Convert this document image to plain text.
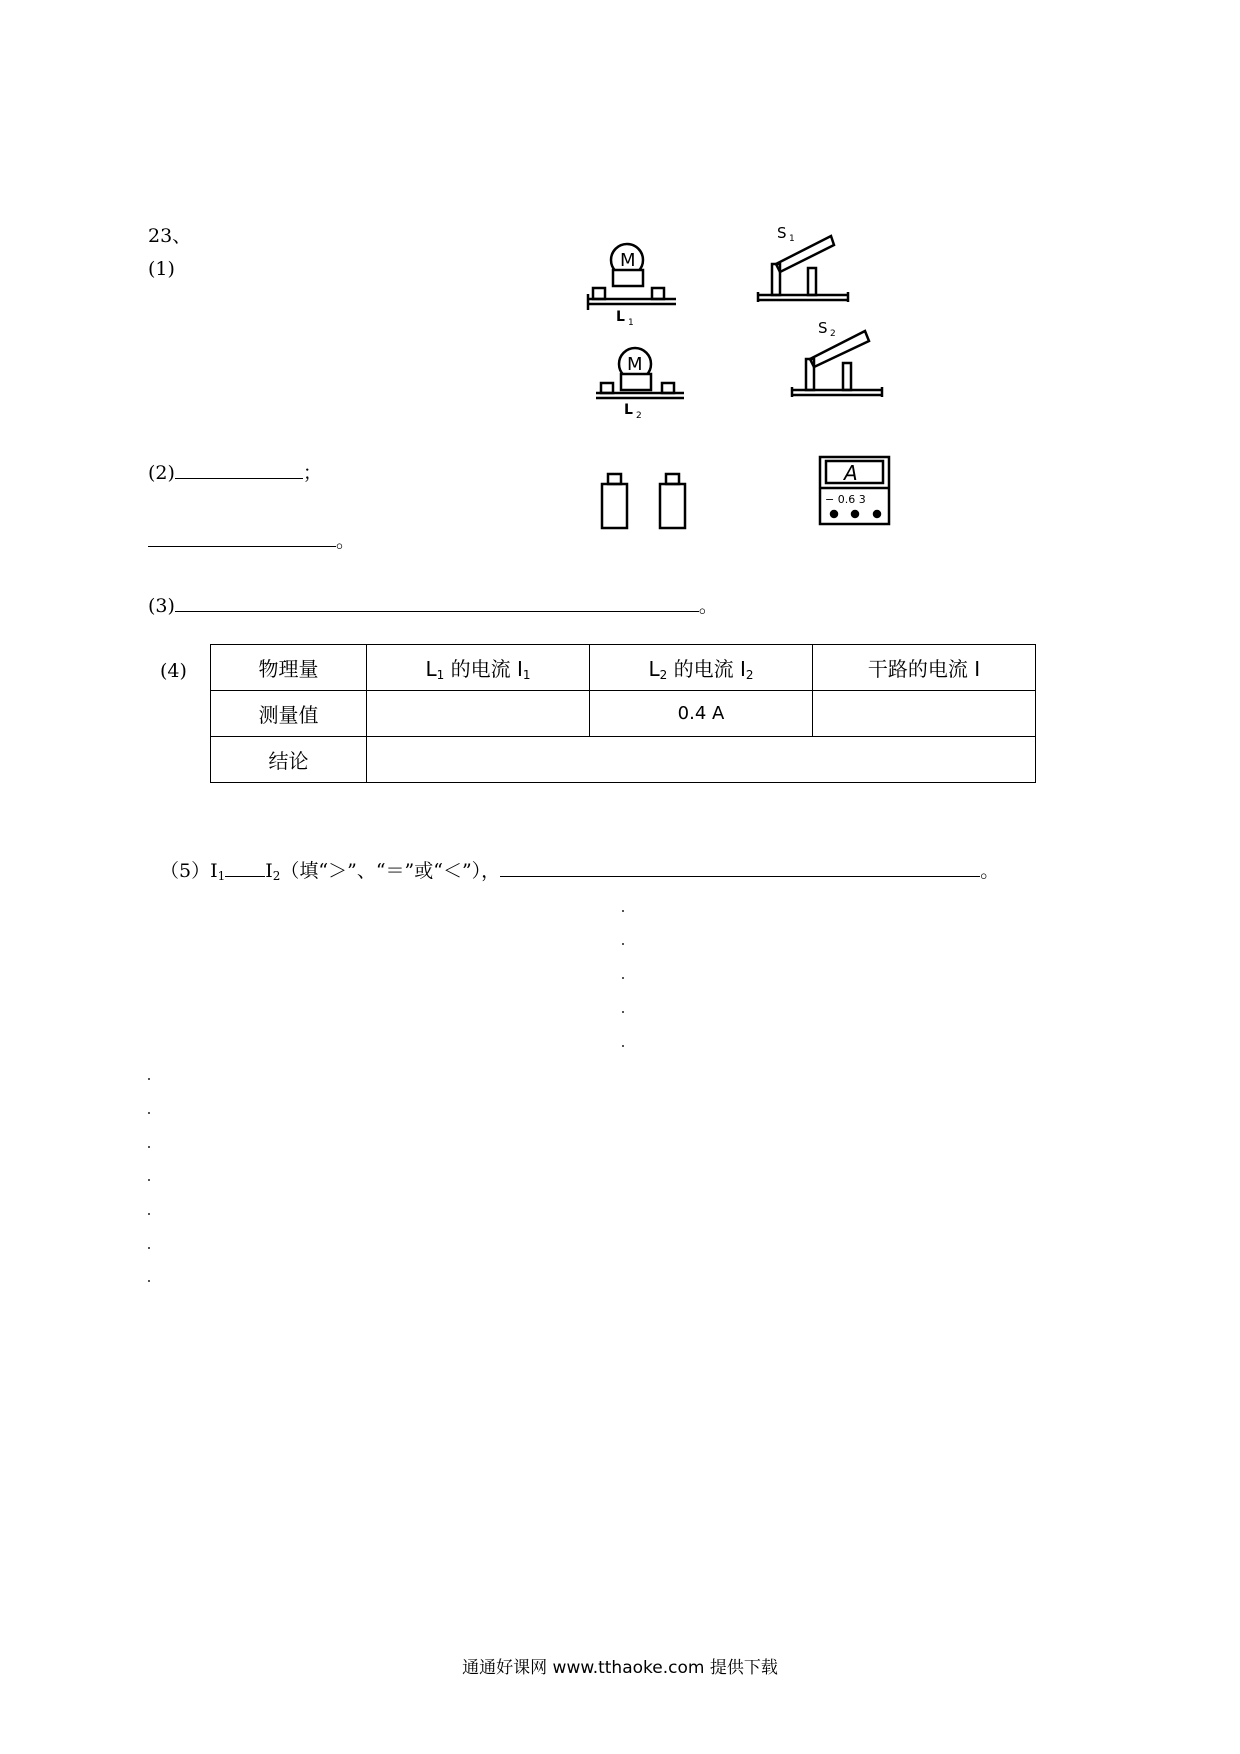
23、
(1)
(2)	；
。
(3)	。
(4)	物理量	$L_1$ 的电流 $I_1$	$L_2$ 的电流 $I_2$	干路的电流 I
测量值		0.4 A	
结论			
$(5)I_1$ $I_2$（填“＞”、“＝”或“＜”），	。
M
L 1
S 1
M
L 2
S 2
A
− 0.6 3
通通好课网 www.tthaoke.com 提供下载
